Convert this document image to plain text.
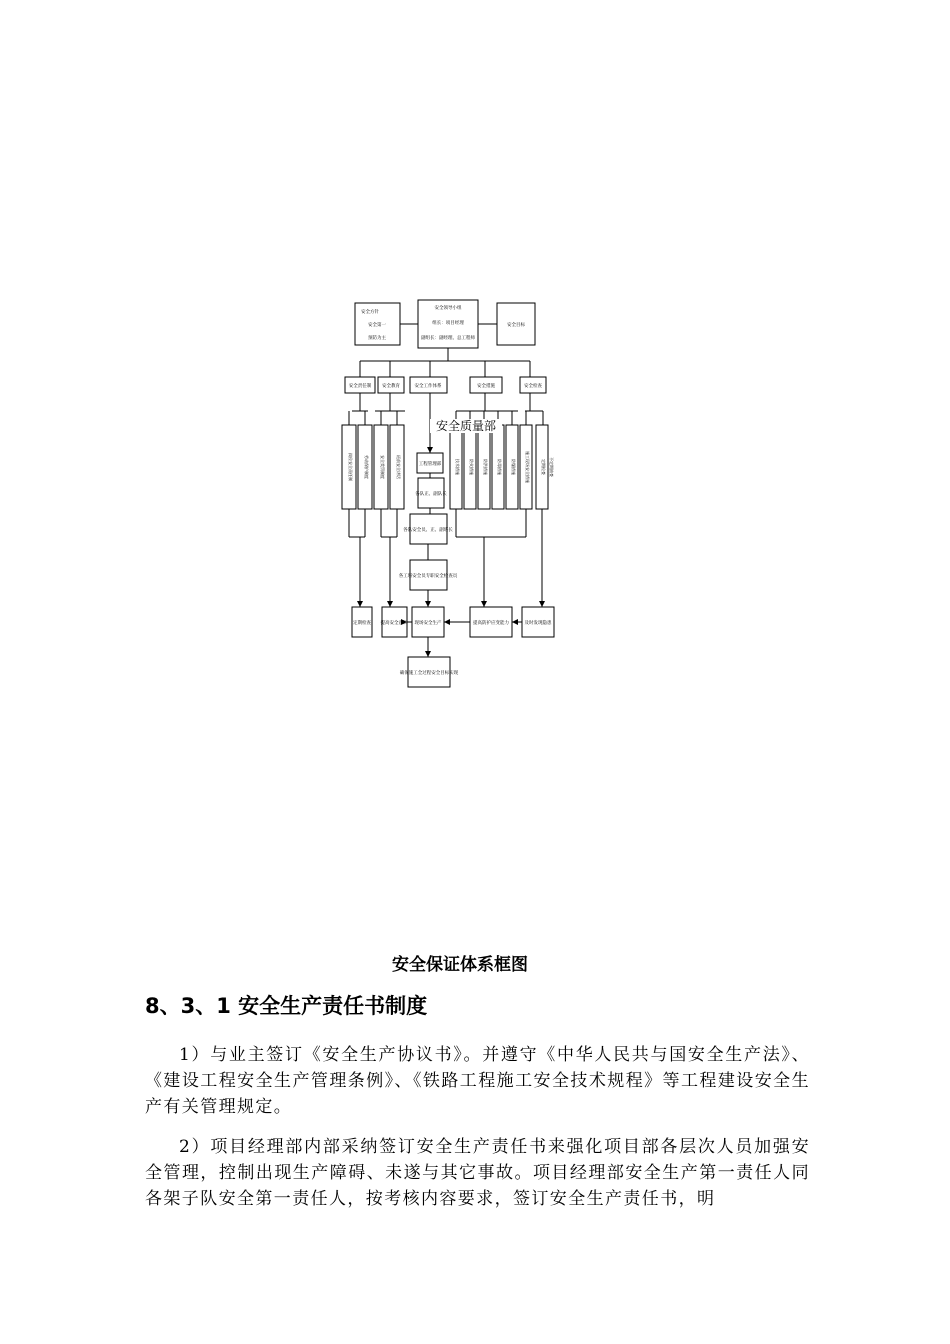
安全方针
安全第一
预防为主
安全领导小组
组长：项目经理
副组长：副经理、总工程师
安全目标
安全责任制 安全教育	安全工作体系	安全措施	安全检查
工程管理部
各队正、副队长
各队安全员、正、副班长
各工班安全员专职安全检查员
定期检查 提高安全意识 现场安全生产	提高防护应变能力	及时发现隐患
确保施工全过程安全目标实现
岗位安全责任制	劳动保护制度	安全奖罚制度	班前安全讲话	技术措施 防火措施 防洪措施 防毒措施 防爆措施 施工现场安全措施	定期检查 不定期抽查
安全质量部
安全保证体系框图
8、3、1 安全生产责任书制度
1）与业主签订《安全生产协议书》。并遵守《中华人民共与国安全生产法》、《建设工程安全生产管理条例》、《铁路工程施工安全技术规程》等工程建设安全生产有关管理规定。
2）项目经理部内部采纳签订安全生产责任书来强化项目部各层次人员加强安全管理，控制出现生产障碍、未遂与其它事故。项目经理部安全生产第一责任人同各架子队安全第一责任人，按考核内容要求，签订安全生产责任书，明
